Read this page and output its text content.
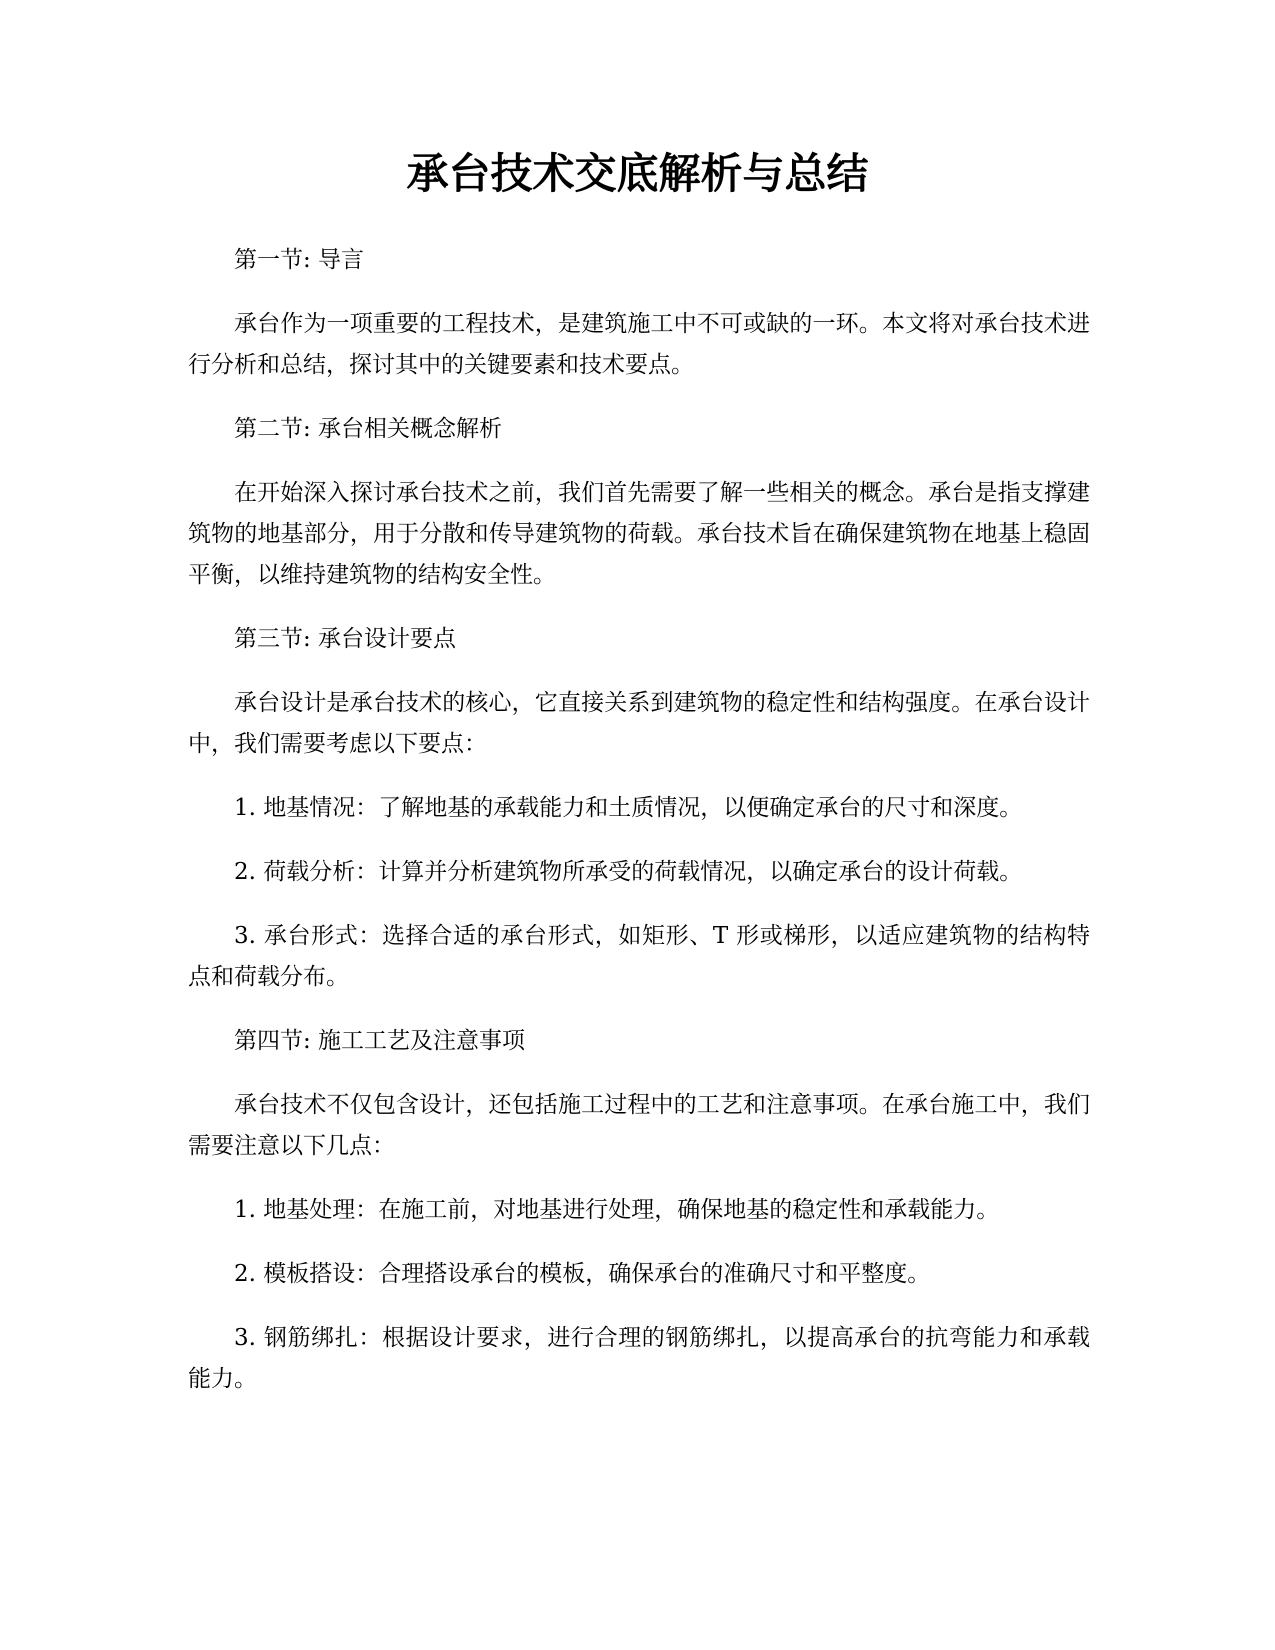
承台技术交底解析与总结

第一节: 导言

承台作为一项重要的工程技术，是建筑施工中不可或缺的一环。本文将对承台技术进行分析和总结，探讨其中的关键要素和技术要点。

第二节: 承台相关概念解析

在开始深入探讨承台技术之前，我们首先需要了解一些相关的概念。承台是指支撑建筑物的地基部分，用于分散和传导建筑物的荷载。承台技术旨在确保建筑物在地基上稳固平衡，以维持建筑物的结构安全性。

第三节: 承台设计要点

承台设计是承台技术的核心，它直接关系到建筑物的稳定性和结构强度。在承台设计中，我们需要考虑以下要点：

1. 地基情况：了解地基的承载能力和土质情况，以便确定承台的尺寸和深度。

2. 荷载分析：计算并分析建筑物所承受的荷载情况，以确定承台的设计荷载。

3. 承台形式：选择合适的承台形式，如矩形、T 形或梯形，以适应建筑物的结构特点和荷载分布。

第四节: 施工工艺及注意事项

承台技术不仅包含设计，还包括施工过程中的工艺和注意事项。在承台施工中，我们需要注意以下几点：

1. 地基处理：在施工前，对地基进行处理，确保地基的稳定性和承载能力。

2. 模板搭设：合理搭设承台的模板，确保承台的准确尺寸和平整度。

3. 钢筋绑扎：根据设计要求，进行合理的钢筋绑扎，以提高承台的抗弯能力和承载能力。
